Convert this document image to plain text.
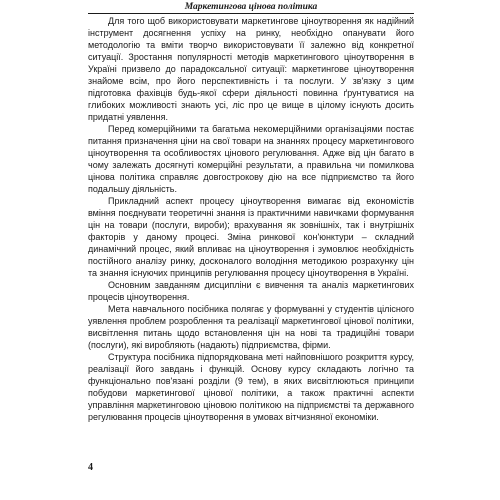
Маркетингова цінова політика

Для того щоб використовувати маркетингове ціноутворення як надійний інструмент досягнення успіху на ринку, необхідно опанувати його методологію та вміти творчо використовувати її залежно від конкретної ситуації. Зростання популярності методів маркетингового ціноутворення в Україні призвело до парадоксальної ситуації: маркетингове ціноутворення знайоме всім, про його перспективність і та послуги. У зв'язку з цим підготовка фахівців будь-якої сфери діяльності повинна ґрунтуватися на глибоких можливості знають усі, ліс про це вище в цілому існують досить придатні уявлення.

Перед комерційними та багатьма некомерційними організаціями постає питання призначення ціни на свої товари на знаннях процесу маркетингового ціноутворення та особливостях цінового регулювання. Адже від цін багато в чому залежать досягнуті комерційні результати, а правильна чи помилкова цінова політика справляє довгострокову дію на все підприємство та його подальшу діяльність.

Прикладний аспект процесу ціноутворення вимагає від економістів вміння поєднувати теоретичні знання із практичними навичками формування цін на товари (послуги, вироби); врахування як зовнішніх, так і внутрішніх факторів у даному процесі. Зміна ринкової кон'юнктури – складний динамічний процес, який впливає на ціноутворення і зумовлює необхідність постійного аналізу ринку, досконалого володіння методикою розрахунку цін та знання існуючих принципів регулювання процесу ціноутворення в Україні.

Основним завданням дисципліни є вивчення та аналіз маркетингових процесів ціноутворення.

Мета навчального посібника полягає у формуванні у студентів цілісного уявлення проблем розроблення та реалізації маркетингової цінової політики, висвітлення питань щодо встановлення цін на нові та традиційні товари (послуги), які виробляють (надають) підприємства, фірми.

Структура посібника підпорядкована меті найповнішого розкриття курсу, реалізації його завдань і функцій. Основу курсу складають логічно та функціонально пов'язані розділи (9 тем), в яких висвітлюються принципи побудови маркетингової цінової політики, а також практичні аспекти управління маркетинговою ціновою політикою на підприємстві та державного регулювання процесів ціноутворення в умовах вітчизняної економіки.

4
